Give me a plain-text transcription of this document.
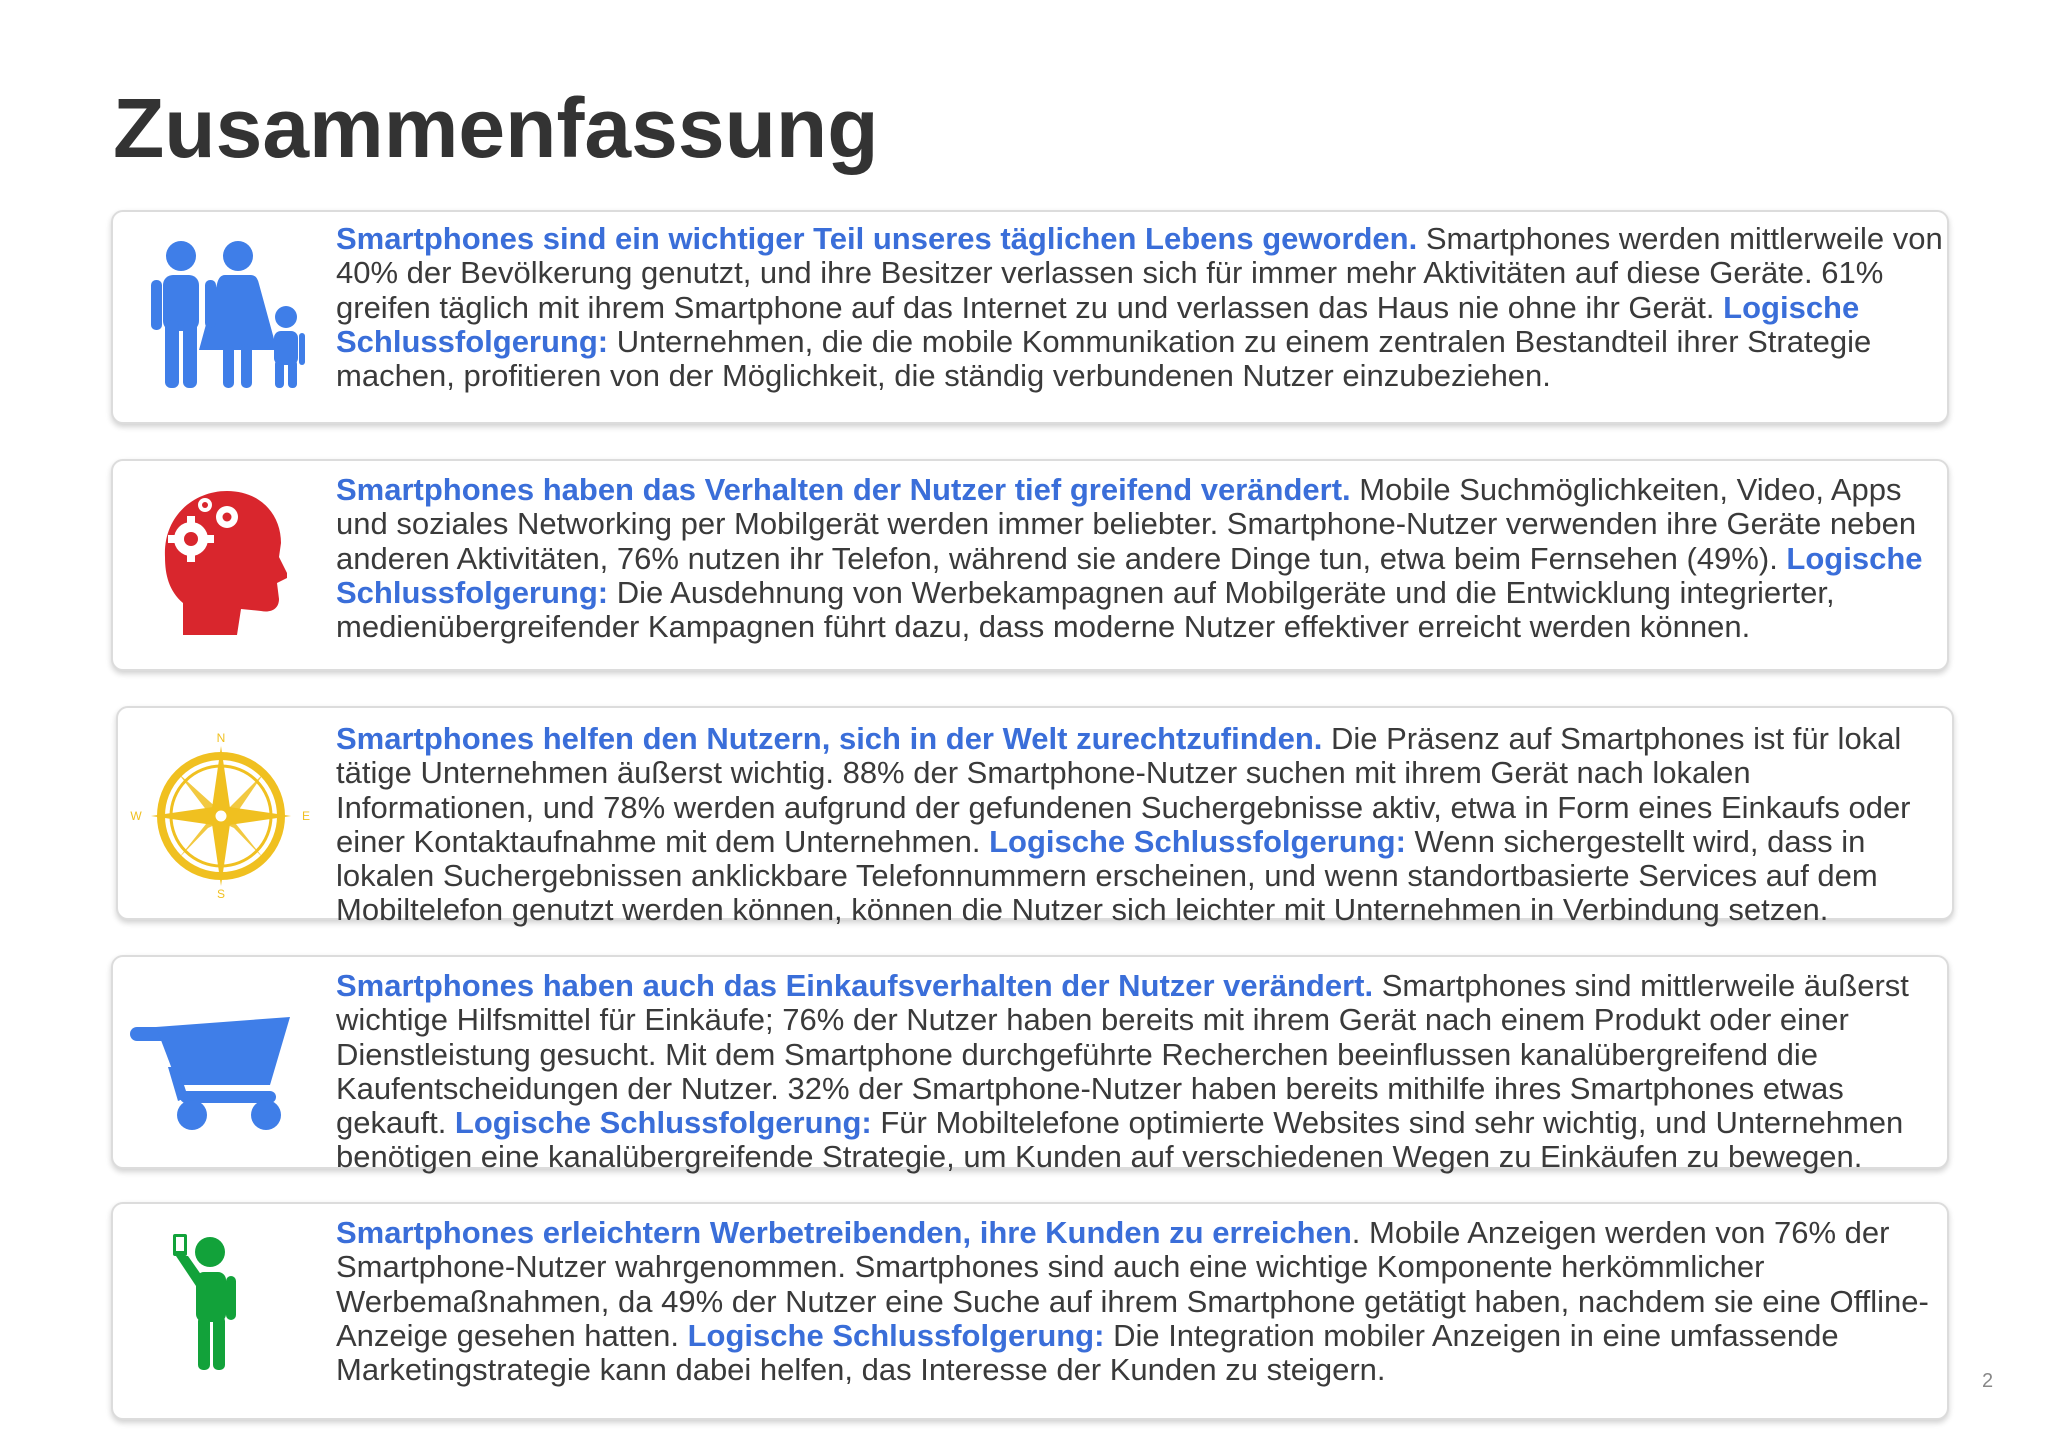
Zusammenfassung
Smartphones sind ein wichtiger Teil unseres täglichen Lebens geworden. Smartphones werden mittlerweile von 40% der Bevölkerung genutzt, und ihre Besitzer verlassen sich für immer mehr Aktivitäten auf diese Geräte. 61% greifen täglich mit ihrem Smartphone auf das Internet zu und verlassen das Haus nie ohne ihr Gerät. Logische Schlussfolgerung: Unternehmen, die die mobile Kommunikation zu einem zentralen Bestandteil ihrer Strategie machen, profitieren von der Möglichkeit, die ständig verbundenen Nutzer einzubeziehen.
Smartphones haben das Verhalten der Nutzer tief greifend verändert. Mobile Suchmöglichkeiten, Video, Apps und soziales Networking per Mobilgerät werden immer beliebter. Smartphone-Nutzer verwenden ihre Geräte neben anderen Aktivitäten, 76% nutzen ihr Telefon, während sie andere Dinge tun, etwa beim Fernsehen (49%). Logische Schlussfolgerung: Die Ausdehnung von Werbekampagnen auf Mobilgeräte und die Entwicklung integrierter, medienübergreifender Kampagnen führt dazu, dass moderne Nutzer effektiver erreicht werden können.
N
E
S
W
Smartphones helfen den Nutzern, sich in der Welt zurechtzufinden. Die Präsenz auf Smartphones ist für lokal tätige Unternehmen äußerst wichtig. 88% der Smartphone-Nutzer suchen mit ihrem Gerät nach lokalen Informationen, und 78% werden aufgrund der gefundenen Suchergebnisse aktiv, etwa in Form eines Einkaufs oder einer Kontaktaufnahme mit dem Unternehmen. Logische Schlussfolgerung: Wenn sichergestellt wird, dass in lokalen Suchergebnissen anklickbare Telefonnummern erscheinen, und wenn standortbasierte Services auf dem Mobiltelefon genutzt werden können, können die Nutzer sich leichter mit Unternehmen in Verbindung setzen.
Smartphones haben auch das Einkaufsverhalten der Nutzer verändert. Smartphones sind mittlerweile äußerst wichtige Hilfsmittel für Einkäufe; 76% der Nutzer haben bereits mit ihrem Gerät nach einem Produkt oder einer Dienstleistung gesucht. Mit dem Smartphone durchgeführte Recherchen beeinflussen kanalübergreifend die Kaufentscheidungen der Nutzer. 32% der Smartphone-Nutzer haben bereits mithilfe ihres Smartphones etwas gekauft. Logische Schlussfolgerung: Für Mobiltelefone optimierte Websites sind sehr wichtig, und Unternehmen benötigen eine kanalübergreifende Strategie, um Kunden auf verschiedenen Wegen zu Einkäufen zu bewegen.
Smartphones erleichtern Werbetreibenden, ihre Kunden zu erreichen. Mobile Anzeigen werden von 76% der Smartphone-Nutzer wahrgenommen. Smartphones sind auch eine wichtige Komponente herkömmlicher Werbemaßnahmen, da 49% der Nutzer eine Suche auf ihrem Smartphone getätigt haben, nachdem sie eine Offline-Anzeige gesehen hatten. Logische Schlussfolgerung: Die Integration mobiler Anzeigen in eine umfassende Marketingstrategie kann dabei helfen, das Interesse der Kunden zu steigern.	2
